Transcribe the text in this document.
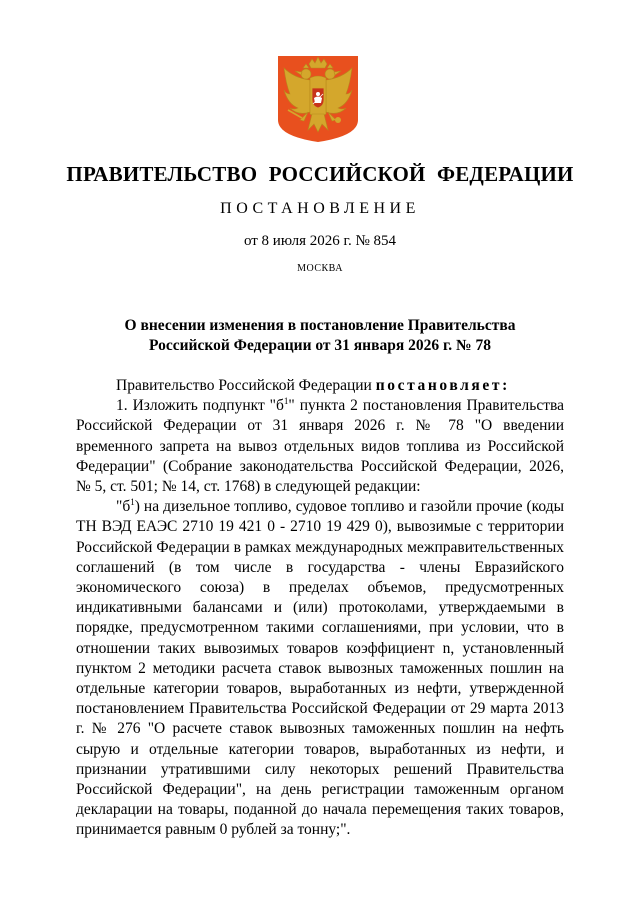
ПРАВИТЕЛЬСТВО РОССИЙСКОЙ ФЕДЕРАЦИИ
ПОСТАНОВЛЕНИЕ
от 8 июля 2026 г. № 854
МОСКВА
О внесении изменения в постановление Правительства
Российской Федерации от 31 января 2026 г. № 78

Правительство Российской Федерации постановляет:

1. Изложить подпункт "$б^1$" пункта 2 постановления Правительства Российской Федерации от 31 января 2026 г. № 78 "О введении временного запрета на вывоз отдельных видов топлива из Российской Федерации" (Собрание законодательства Российской Федерации, 2026, № 5, ст. 501; № 14, ст. 1768) в следующей редакции:

"$б^1$) на дизельное топливо, судовое топливо и газойли прочие (коды ТН ВЭД ЕАЭС 2710 19 421 0 - 2710 19 429 0), вывозимые с территории Российской Федерации в рамках международных межправительственных соглашений (в том числе в государства - члены Евразийского экономического союза) в пределах объемов, предусмотренных индикативными балансами и (или) протоколами, утверждаемыми в порядке, предусмотренном такими соглашениями, при условии, что в отношении таких вывозимых товаров коэффициент n, установленный пунктом 2 методики расчета ставок вывозных таможенных пошлин на отдельные категории товаров, выработанных из нефти, утвержденной постановлением Правительства Российской Федерации от 29 марта 2013 г. № 276 "О расчете ставок вывозных таможенных пошлин на нефть сырую и отдельные категории товаров, выработанных из нефти, и признании утратившими силу некоторых решений Правительства Российской Федерации", на день регистрации таможенным органом декларации на товары, поданной до начала перемещения таких товаров, принимается равным 0 рублей за тонну;".
